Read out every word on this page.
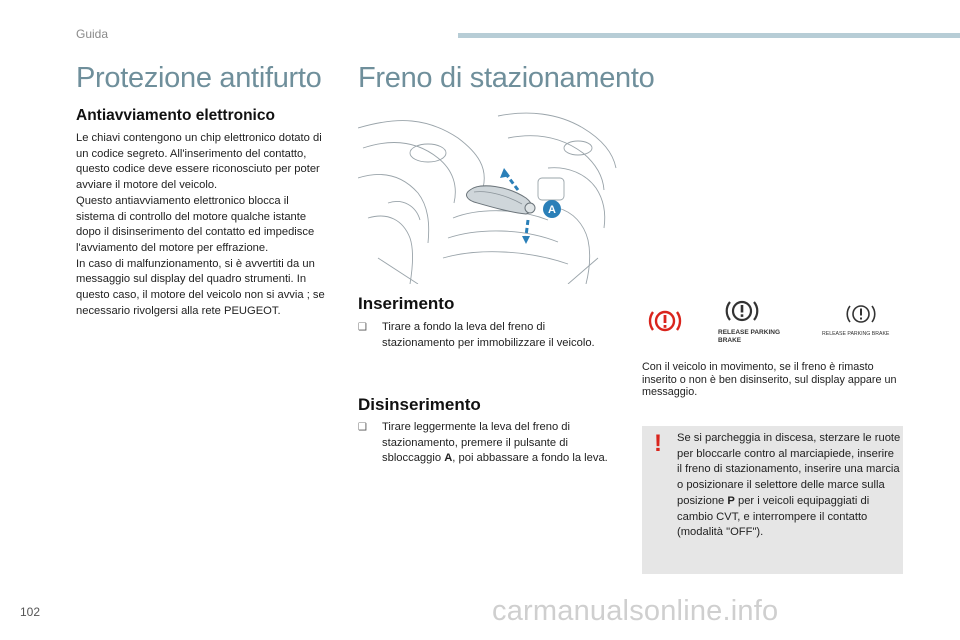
Guida
Protezione antifurto
Antiavviamento elettronico

Le chiavi contengono un chip elettronico dotato di un codice segreto. All'inserimento del contatto, questo codice deve essere riconosciuto per poter avviare il motore del veicolo.

Questo antiavviamento elettronico blocca il sistema di controllo del motore qualche istante dopo il disinserimento del contatto ed impedisce l'avviamento del motore per effrazione.

In caso di malfunzionamento, si è avvertiti da un messaggio sul display del quadro strumenti. In questo caso, il motore del veicolo non si avvia ; se necessario rivolgersi alla rete PEUGEOT.

Freno di stazionamento
A
Inserimento
❑	Tirare a fondo la leva del freno di stazionamento per immobilizzare il veicolo.
Disinserimento
❑	Tirare leggermente la leva del freno di stazionamento, premere il pulsante di sbloccaggio A, poi abbassare a fondo la leva.
RELEASE PARKING BRAKE
RELEASE PARKING BRAKE
Con il veicolo in movimento, se il freno è rimasto inserito o non è ben disinserito, sul display appare un messaggio.
! Se si parcheggia in discesa, sterzare le ruote per bloccarle contro al marciapiede, inserire il freno di stazionamento, inserire una marcia o posizionare il selettore delle marce sulla posizione P per i veicoli equipaggiati di cambio CVT, e interrompere il contatto (modalità "OFF").
102	carmanualsonline.info
